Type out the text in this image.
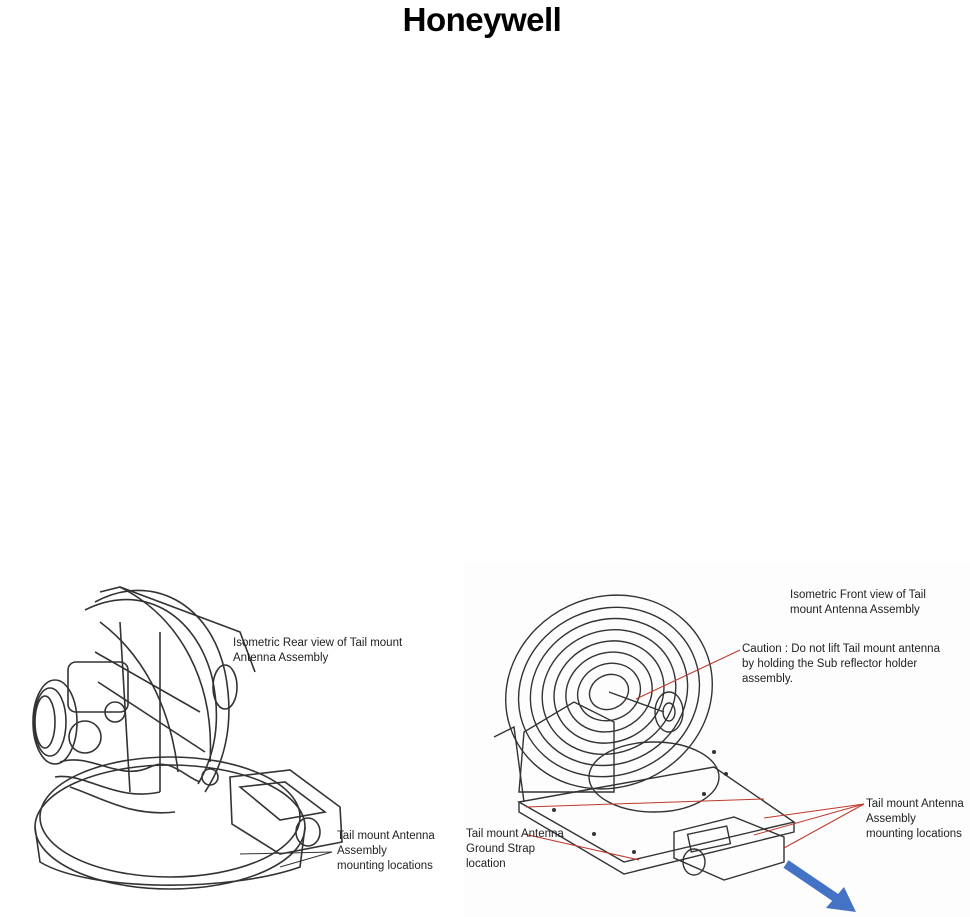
Honeywell
Isometric Rear view of Tail mount Antenna Assembly
Tail mount Antenna Assembly mounting locations
Isometric Front view of Tail mount Antenna Assembly
Caution : Do not lift Tail mount antenna by holding the Sub reflector holder assembly.
Tail mount Antenna Assembly mounting locations
Tail mount Antenna Ground Strap location
